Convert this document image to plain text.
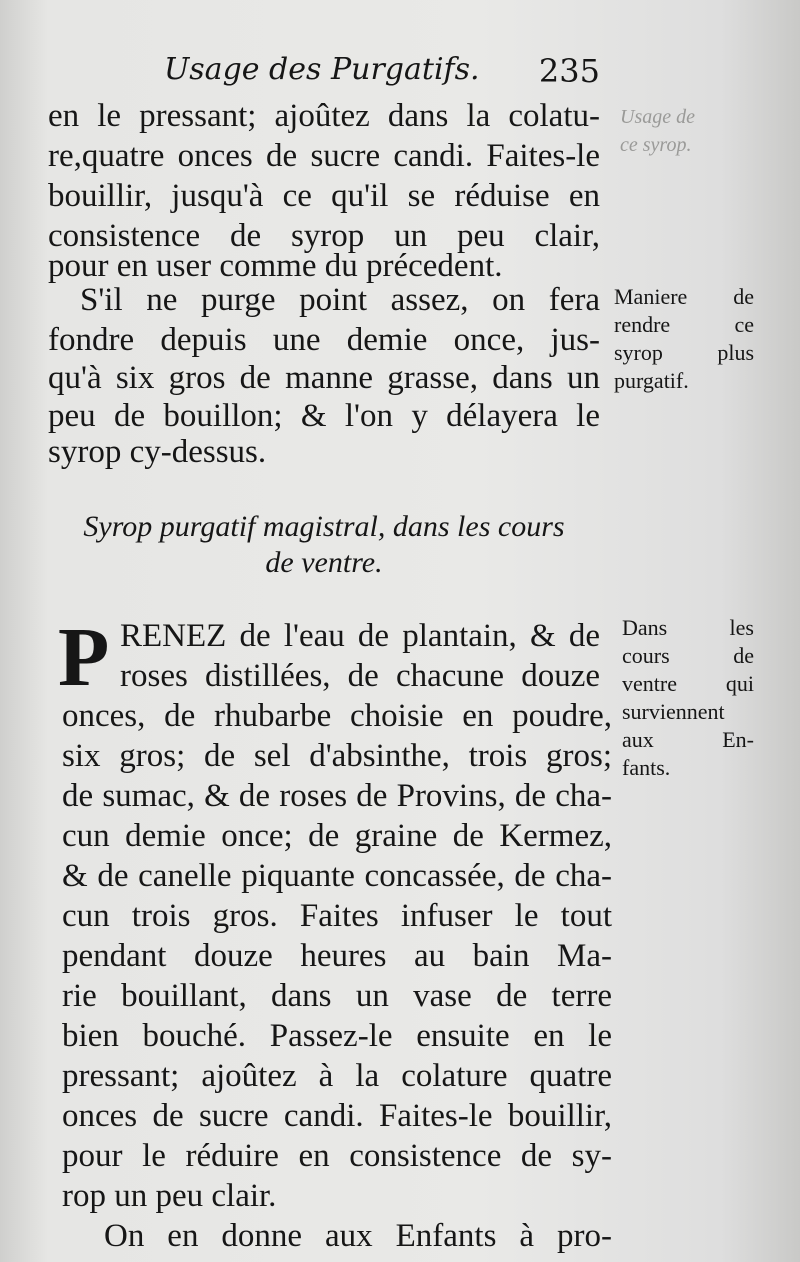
Usage des Purgatifs. 235
Usage de
ce syrop.
en le pressant; ajoûtez dans la colatu-
re,quatre onces de sucre candi. Faites-le
bouillir, jusqu'à ce qu'il se réduise en
consistence de syrop un peu clair,
pour en user comme du précedent.
S'il ne purge point assez, on fera
fondre depuis une demie once, jus-
qu'à six gros de manne grasse, dans un
peu de bouillon; & l'on y délayera le
syrop cy-dessus.
Maniere de
rendre ce
syrop plus
purgatif.
Syrop purgatif magistral, dans les cours
de ventre.
P RENEZ de l'eau de plantain, & de
roses distillées, de chacune douze
onces, de rhubarbe choisie en poudre,
six gros; de sel d'absinthe, trois gros;
de sumac, & de roses de Provins, de cha-
cun demie once; de graine de Kermez,
& de canelle piquante concassée, de cha-
cun trois gros. Faites infuser le tout
pendant douze heures au bain Ma-
rie bouillant, dans un vase de terre
bien bouché. Passez-le ensuite en le
pressant; ajoûtez à la colature quatre
onces de sucre candi. Faites-le bouillir,
pour le réduire en consistence de sy-
rop un peu clair.
On en donne aux Enfants à pro-
Dans les
cours de
ventre qui
surviennent
aux En-
fants.
